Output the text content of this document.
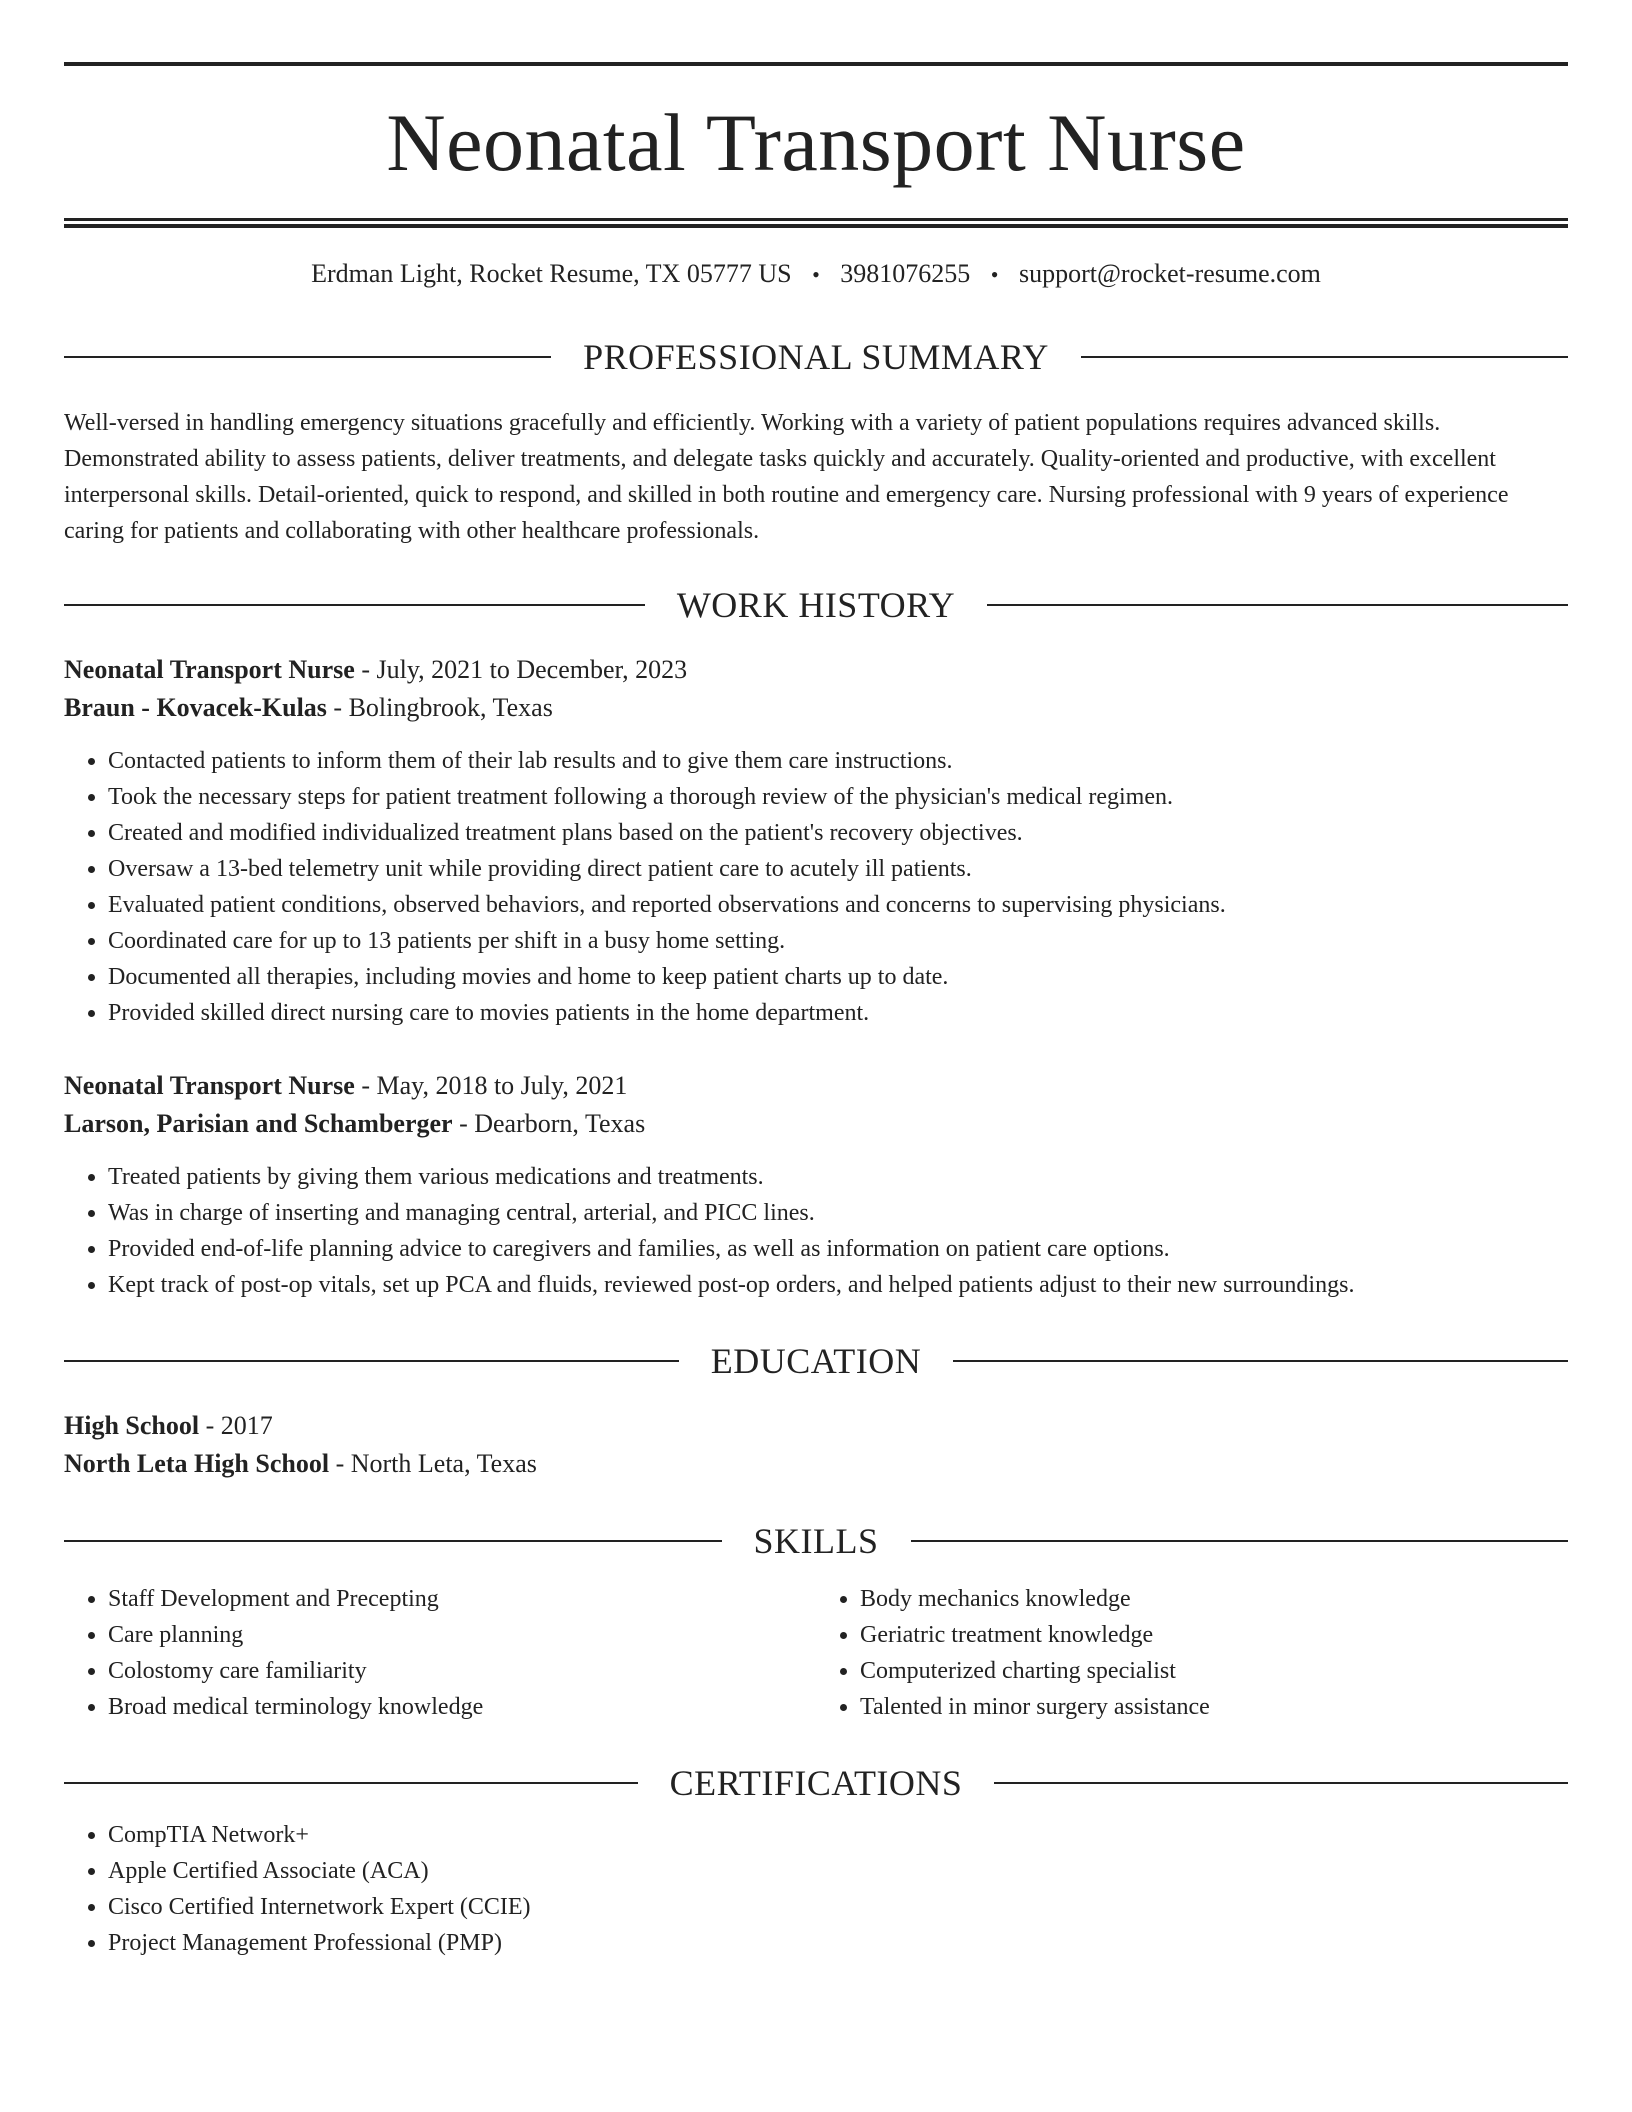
Neonatal Transport Nurse
Erdman Light, Rocket Resume, TX 05777 US • 3981076255 • support@rocket-resume.com
PROFESSIONAL SUMMARY

Well-versed in handling emergency situations gracefully and efficiently. Working with a variety of patient populations requires advanced skills. Demonstrated ability to assess patients, deliver treatments, and delegate tasks quickly and accurately. Quality-oriented and productive, with excellent interpersonal skills. Detail-oriented, quick to respond, and skilled in both routine and emergency care. Nursing professional with 9 years of experience caring for patients and collaborating with other healthcare professionals.

WORK HISTORY
Neonatal Transport Nurse - July, 2021 to December, 2023
Braun - Kovacek-Kulas - Bolingbrook, Texas
• Contacted patients to inform them of their lab results and to give them care instructions.
• Took the necessary steps for patient treatment following a thorough review of the physician's medical regimen.
• Created and modified individualized treatment plans based on the patient's recovery objectives.
• Oversaw a 13-bed telemetry unit while providing direct patient care to acutely ill patients.
• Evaluated patient conditions, observed behaviors, and reported observations and concerns to supervising physicians.
• Coordinated care for up to 13 patients per shift in a busy home setting.
• Documented all therapies, including movies and home to keep patient charts up to date.
• Provided skilled direct nursing care to movies patients in the home department.
Neonatal Transport Nurse - May, 2018 to July, 2021
Larson, Parisian and Schamberger - Dearborn, Texas
• Treated patients by giving them various medications and treatments.
• Was in charge of inserting and managing central, arterial, and PICC lines.
• Provided end-of-life planning advice to caregivers and families, as well as information on patient care options.
• Kept track of post-op vitals, set up PCA and fluids, reviewed post-op orders, and helped patients adjust to their new surroundings.
EDUCATION
High School - 2017
North Leta High School - North Leta, Texas
SKILLS
• Staff Development and Precepting
• Care planning
• Colostomy care familiarity
• Broad medical terminology knowledge
• Body mechanics knowledge
• Geriatric treatment knowledge
• Computerized charting specialist
• Talented in minor surgery assistance
CERTIFICATIONS
• CompTIA Network+
• Apple Certified Associate (ACA)
• Cisco Certified Internetwork Expert (CCIE)
• Project Management Professional (PMP)
